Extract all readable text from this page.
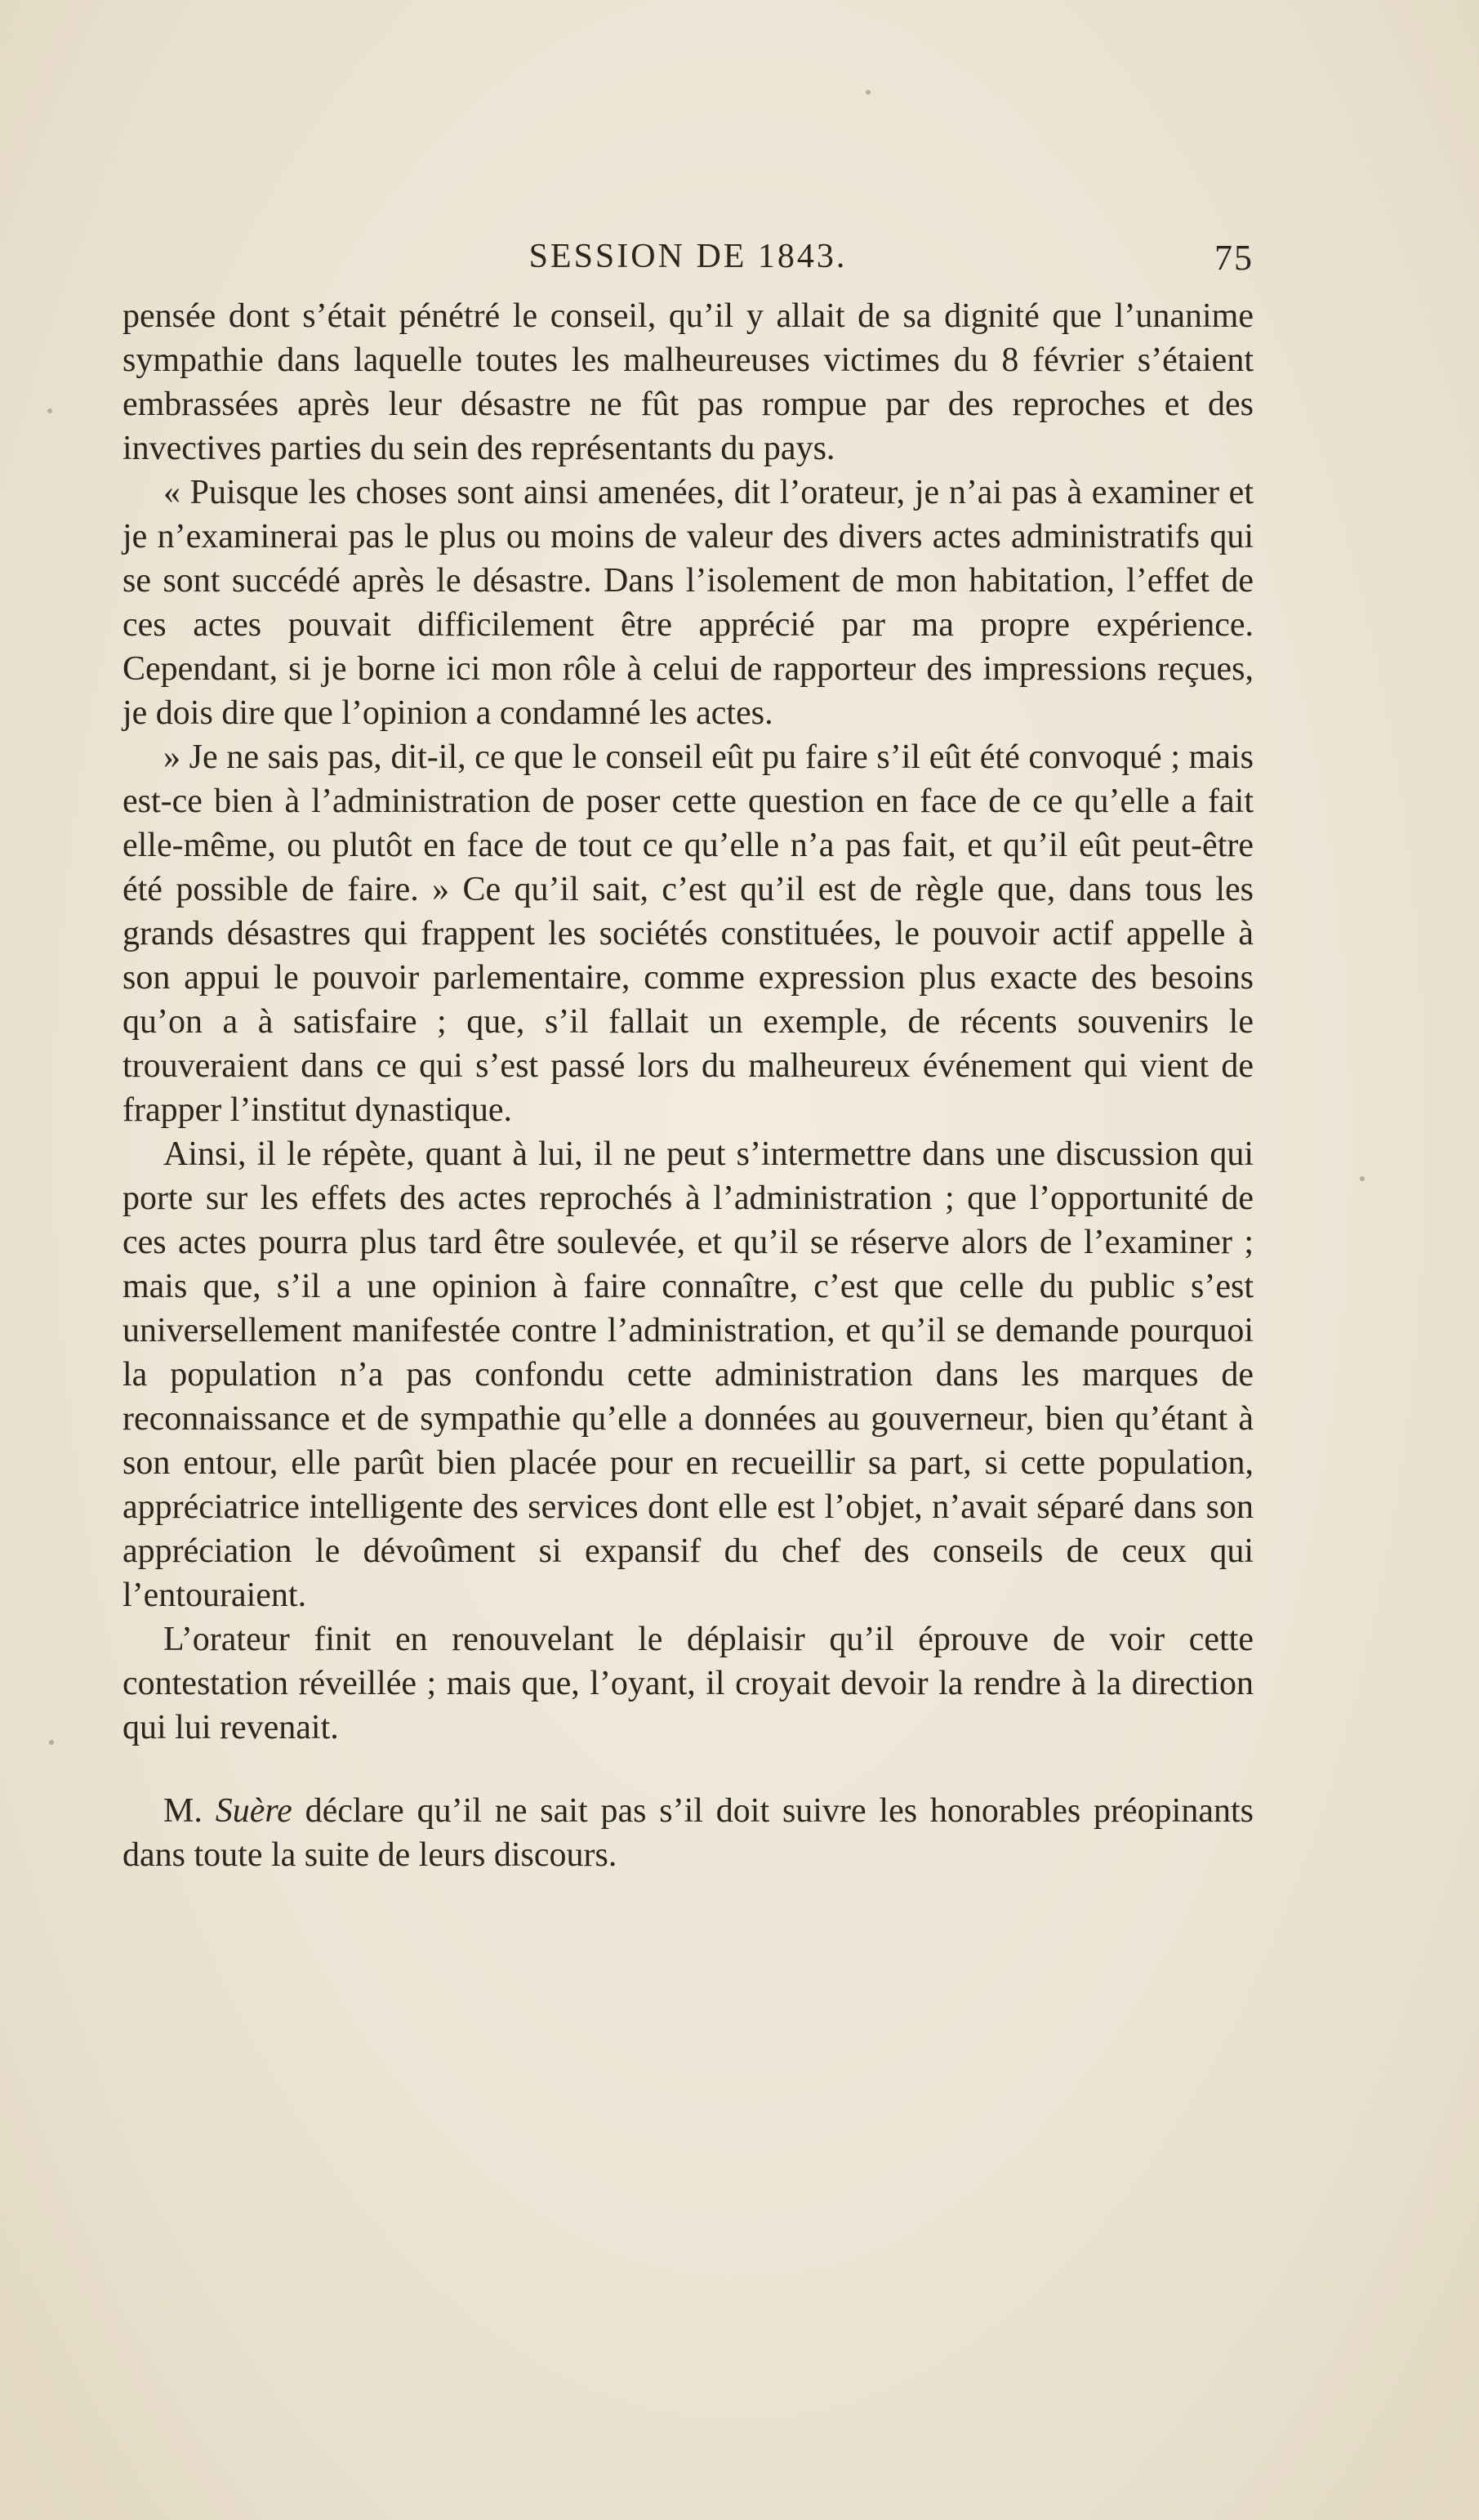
SESSION DE 1843.	75

pensée dont s’était pénétré le conseil, qu’il y allait de sa dignité que l’unanime sympathie dans laquelle toutes les malheureuses victimes du 8 février s’étaient embrassées après leur désastre ne fût pas rompue par des reproches et des invectives parties du sein des représentants du pays.

« Puisque les choses sont ainsi amenées, dit l’orateur, je n’ai pas à examiner et je n’examinerai pas le plus ou moins de valeur des divers actes administratifs qui se sont succédé après le désastre. Dans l’isolement de mon habitation, l’effet de ces actes pouvait difficilement être apprécié par ma propre expérience. Cependant, si je borne ici mon rôle à celui de rapporteur des impressions reçues, je dois dire que l’opinion a condamné les actes.

» Je ne sais pas, dit-il, ce que le conseil eût pu faire s’il eût été convoqué ; mais est-ce bien à l’administration de poser cette question en face de ce qu’elle a fait elle-même, ou plutôt en face de tout ce qu’elle n’a pas fait, et qu’il eût peut-être été possible de faire. » Ce qu’il sait, c’est qu’il est de règle que, dans tous les grands désastres qui frappent les sociétés constituées, le pouvoir actif appelle à son appui le pouvoir parlementaire, comme expression plus exacte des besoins qu’on a à satisfaire ; que, s’il fallait un exemple, de récents souvenirs le trouveraient dans ce qui s’est passé lors du malheureux événement qui vient de frapper l’institut dynastique.

Ainsi, il le répète, quant à lui, il ne peut s’intermettre dans une discussion qui porte sur les effets des actes reprochés à l’administration ; que l’opportunité de ces actes pourra plus tard être soulevée, et qu’il se réserve alors de l’examiner ; mais que, s’il a une opinion à faire connaître, c’est que celle du public s’est universellement manifestée contre l’administration, et qu’il se demande pourquoi la population n’a pas confondu cette administration dans les marques de reconnaissance et de sympathie qu’elle a données au gouverneur, bien qu’étant à son entour, elle parût bien placée pour en recueillir sa part, si cette population, appréciatrice intelligente des services dont elle est l’objet, n’avait séparé dans son appréciation le dévoûment si expansif du chef des conseils de ceux qui l’entouraient.

L’orateur finit en renouvelant le déplaisir qu’il éprouve de voir cette contestation réveillée ; mais que, l’oyant, il croyait devoir la rendre à la direction qui lui revenait.

M. Suère déclare qu’il ne sait pas s’il doit suivre les honorables préopinants dans toute la suite de leurs discours.
